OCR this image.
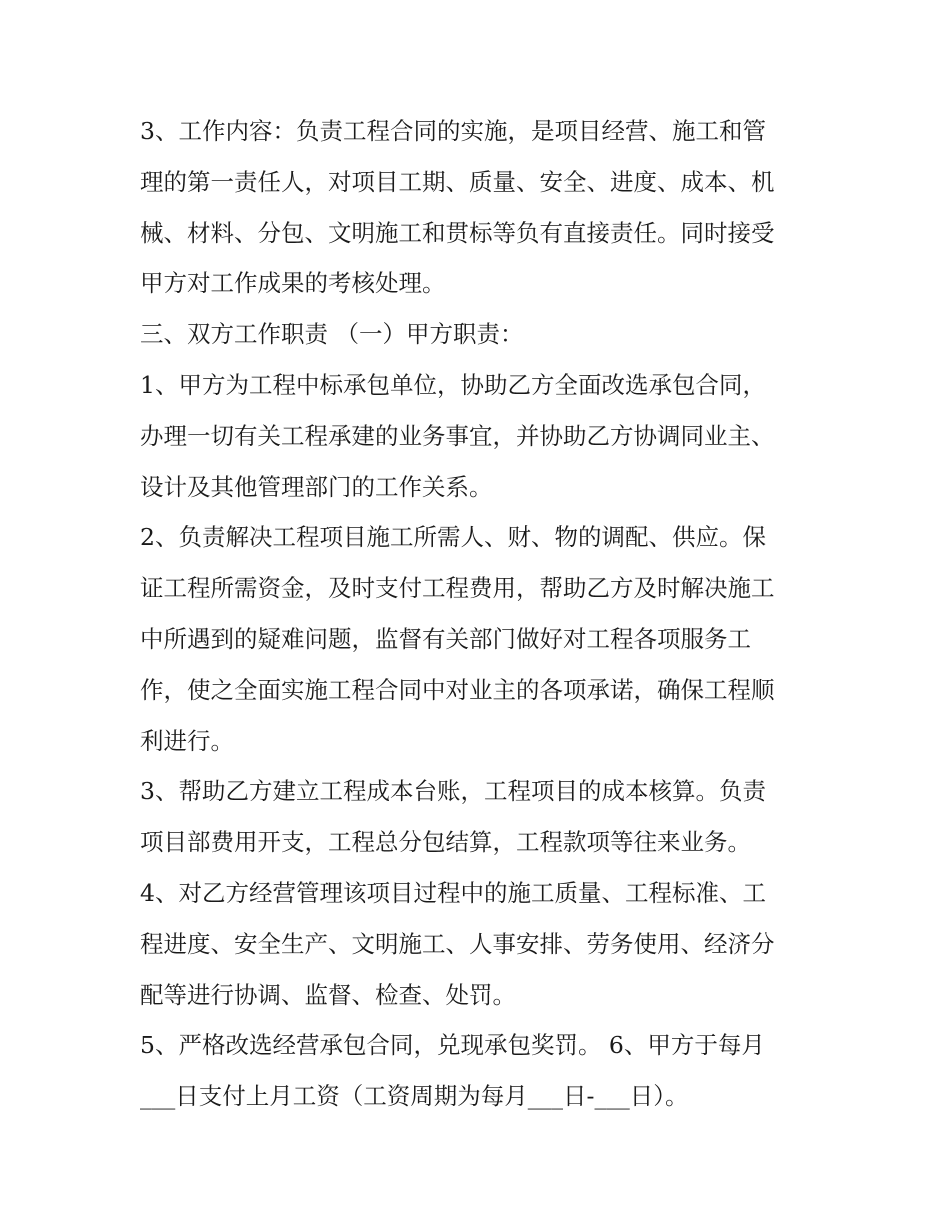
3、工作内容：负责工程合同的实施，是项目经营、施工和管
理的第一责任人，对项目工期、质量、安全、进度、成本、机
械、材料、分包、文明施工和贯标等负有直接责任。同时接受
甲方对工作成果的考核处理。

三、双方工作职责 （一）甲方职责：

1、甲方为工程中标承包单位，协助乙方全面改选承包合同，
办理一切有关工程承建的业务事宜，并协助乙方协调同业主、
设计及其他管理部门的工作关系。

2、负责解决工程项目施工所需人、财、物的调配、供应。保
证工程所需资金，及时支付工程费用，帮助乙方及时解决施工
中所遇到的疑难问题，监督有关部门做好对工程各项服务工
作，使之全面实施工程合同中对业主的各项承诺，确保工程顺
利进行。

3、帮助乙方建立工程成本台账，工程项目的成本核算。负责
项目部费用开支，工程总分包结算，工程款项等往来业务。

4、对乙方经营管理该项目过程中的施工质量、工程标准、工
程进度、安全生产、文明施工、人事安排、劳务使用、经济分
配等进行协调、监督、检查、处罚。

5、严格改选经营承包合同，兑现承包奖罚。 6、甲方于每月
___日支付上月工资（工资周期为每月___日-___日）。
